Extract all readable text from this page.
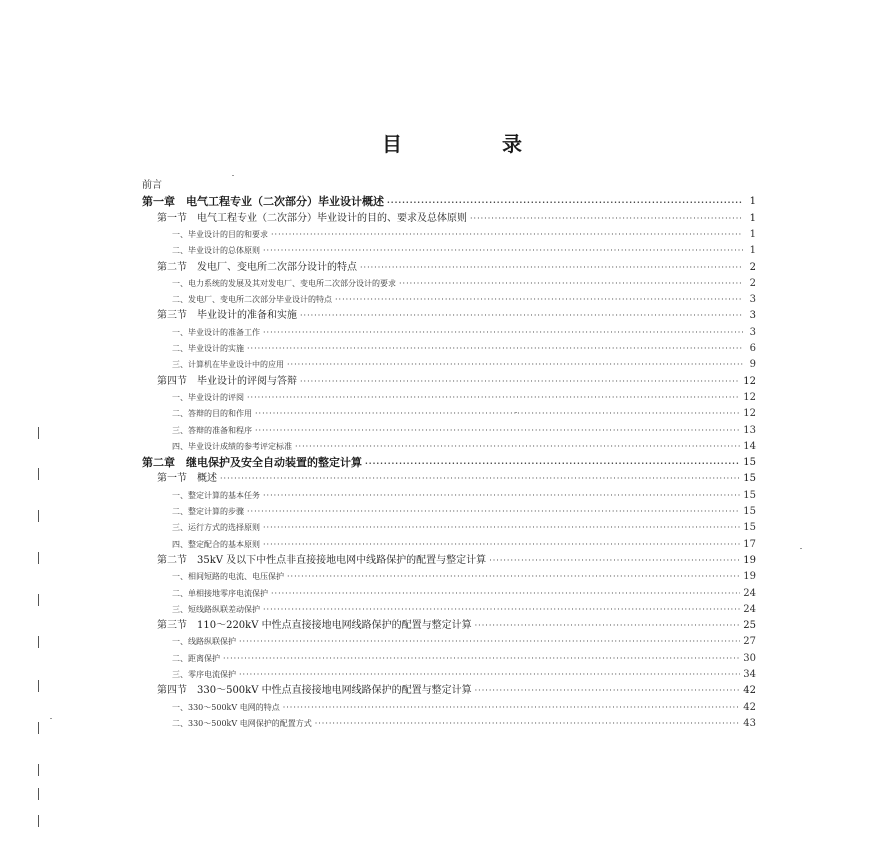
目	录
前言
第一章　电气工程专业（二次部分）毕业设计概述 ·····	1
第一节　电气工程专业（二次部分）毕业设计的目的、要求及总体原则 ·····	1
一、毕业设计的目的和要求 ·····	1
二、毕业设计的总体原则 ·····	1
第二节　发电厂、变电所二次部分设计的特点 ·····	2
一、电力系统的发展及其对发电厂、变电所二次部分设计的要求 ·····	2
二、发电厂、变电所二次部分毕业设计的特点 ·····	3
第三节　毕业设计的准备和实施 ·····	3
一、毕业设计的准备工作 ·····	3
二、毕业设计的实施 ·····	6
三、计算机在毕业设计中的应用 ·····	9
第四节　毕业设计的评阅与答辩 ·····	12
一、毕业设计的评阅 ·····	12
二、答辩的目的和作用 ·····	12
三、答辩的准备和程序 ·····	13
四、毕业设计成绩的参考评定标准 ·····	14
第二章　继电保护及安全自动装置的整定计算 ·····	15
第一节　概述 ·····	15
一、整定计算的基本任务 ·····	15
二、整定计算的步骤 ·····	15
三、运行方式的选择原则 ·····	15
四、整定配合的基本原则 ·····	17
第二节　35kV 及以下中性点非直接接地电网中线路保护的配置与整定计算 ·····	19
一、相间短路的电流、电压保护 ·····	19
二、单相接地零序电流保护 ·····	24
三、短线路纵联差动保护 ·····	24
第三节　110～220kV 中性点直接接地电网线路保护的配置与整定计算 ·····	25
一、线路纵联保护 ·····	27
二、距离保护 ·····	30
三、零序电流保护 ·····	34
第四节　330～500kV 中性点直接接地电网线路保护的配置与整定计算 ·····	42
一、330～500kV 电网的特点 ·····	42
二、330～500kV 电网保护的配置方式 ·····	43
